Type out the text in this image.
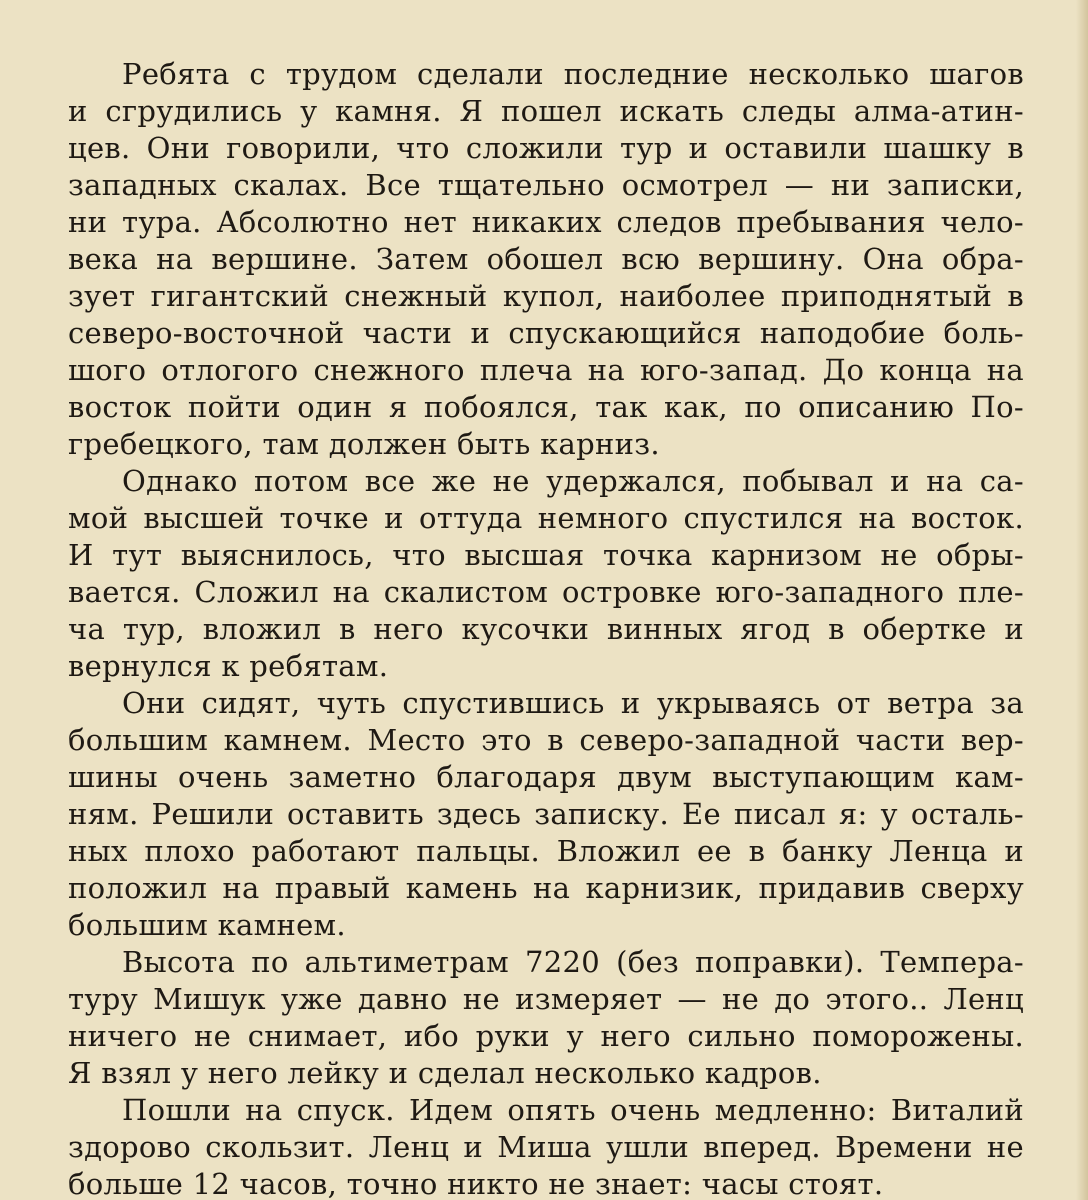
Ребята с трудом сделали последние несколько шагов
и сгрудились у камня. Я пошел искать следы алма-атин-
цев. Они говорили, что сложили тур и оставили шашку в
западных скалах. Все тщательно осмотрел — ни записки,
ни тура. Абсолютно нет никаких следов пребывания чело-
века на вершине. Затем обошел всю вершину. Она обра-
зует гигантский снежный купол, наиболее приподнятый в
северо-восточной части и спускающийся наподобие боль-
шого отлогого снежного плеча на юго-запад. До конца на
восток пойти один я побоялся, так как, по описанию По-
гребецкого, там должен быть карниз.
Однако потом все же не удержался, побывал и на са-
мой высшей точке и оттуда немного спустился на восток.
И тут выяснилось, что высшая точка карнизом не обры-
вается. Сложил на скалистом островке юго-западного пле-
ча тур, вложил в него кусочки винных ягод в обертке и
вернулся к ребятам.
Они сидят, чуть спустившись и укрываясь от ветра за
большим камнем. Место это в северо-западной части вер-
шины очень заметно благодаря двум выступающим кам-
ням. Решили оставить здесь записку. Ее писал я: у осталь-
ных плохо работают пальцы. Вложил ее в банку Ленца и
положил на правый камень на карнизик, придавив сверху
большим камнем.
Высота по альтиметрам 7220 (без поправки). Темпера-
туру Мишук уже давно не измеряет — не до этого.. Ленц
ничего не снимает, ибо руки у него сильно поморожены.
Я взял у него лейку и сделал несколько кадров.
Пошли на спуск. Идем опять очень медленно: Виталий
здорово скользит. Ленц и Миша ушли вперед. Времени не
больше 12 часов, точно никто не знает: часы стоят.
